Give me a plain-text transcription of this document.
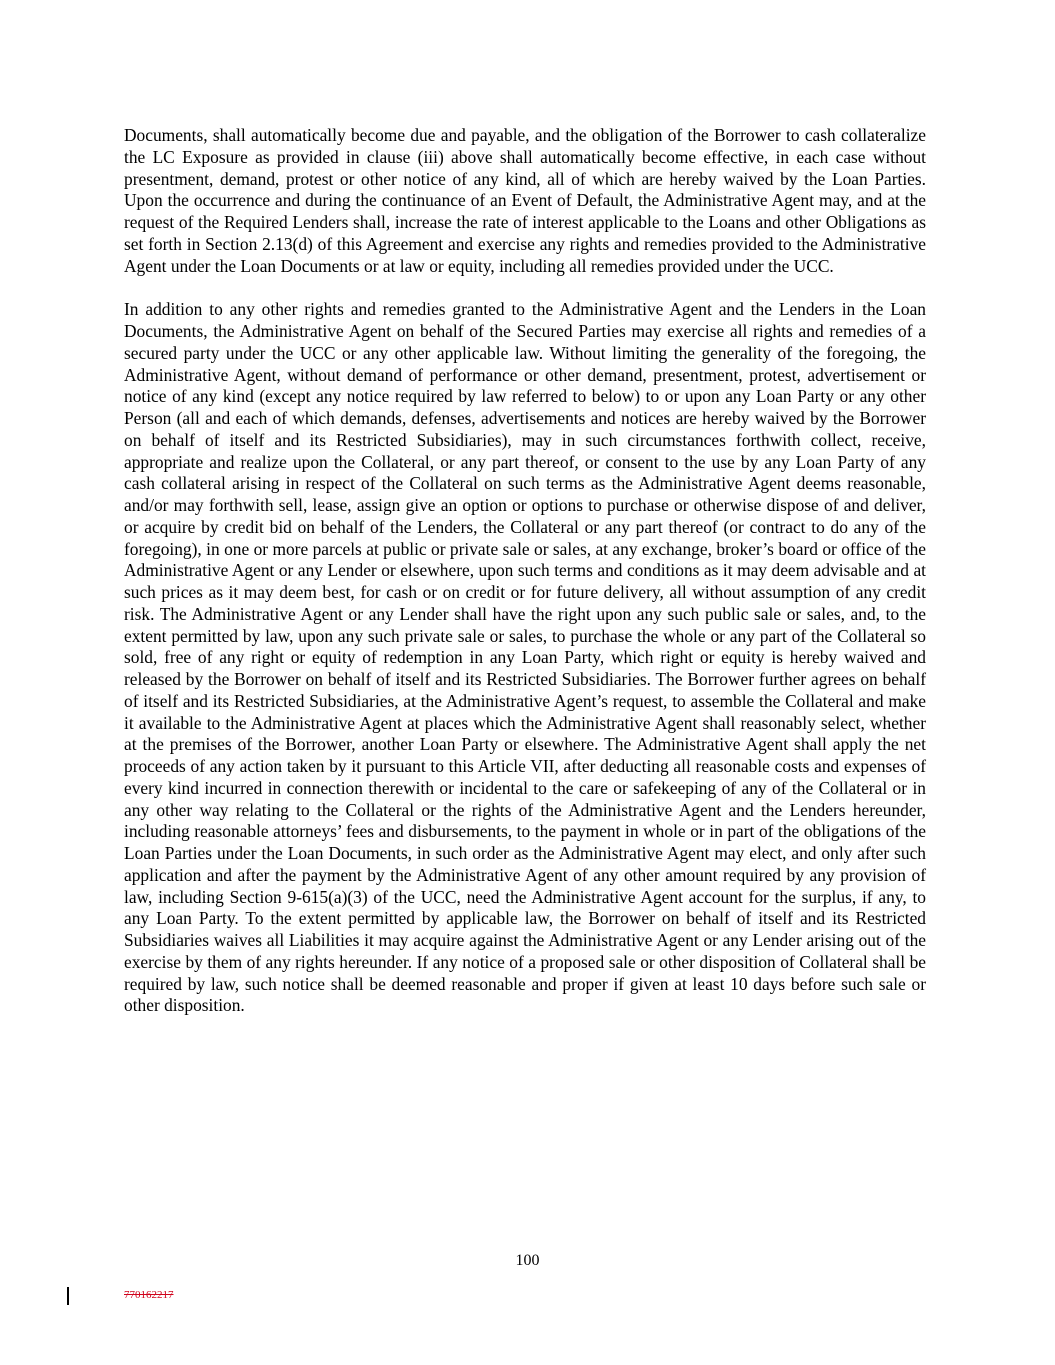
Documents, shall automatically become due and payable, and the obligation of the Borrower to cash collateralize the LC Exposure as provided in clause (iii) above shall automatically become effective, in each case without presentment, demand, protest or other notice of any kind, all of which are hereby waived by the Loan Parties. Upon the occurrence and during the continuance of an Event of Default, the Administrative Agent may, and at the request of the Required Lenders shall, increase the rate of interest applicable to the Loans and other Obligations as set forth in Section 2.13(d) of this Agreement and exercise any rights and remedies provided to the Administrative Agent under the Loan Documents or at law or equity, including all remedies provided under the UCC.

In addition to any other rights and remedies granted to the Administrative Agent and the Lenders in the Loan Documents, the Administrative Agent on behalf of the Secured Parties may exercise all rights and remedies of a secured party under the UCC or any other applicable law. Without limiting the generality of the foregoing, the Administrative Agent, without demand of performance or other demand, presentment, protest, advertisement or notice of any kind (except any notice required by law referred to below) to or upon any Loan Party or any other Person (all and each of which demands, defenses, advertisements and notices are hereby waived by the Borrower on behalf of itself and its Restricted Subsidiaries), may in such circumstances forthwith collect, receive, appropriate and realize upon the Collateral, or any part thereof, or consent to the use by any Loan Party of any cash collateral arising in respect of the Collateral on such terms as the Administrative Agent deems reasonable, and/or may forthwith sell, lease, assign give an option or options to purchase or otherwise dispose of and deliver, or acquire by credit bid on behalf of the Lenders, the Collateral or any part thereof (or contract to do any of the foregoing), in one or more parcels at public or private sale or sales, at any exchange, broker’s board or office of the Administrative Agent or any Lender or elsewhere, upon such terms and conditions as it may deem advisable and at such prices as it may deem best, for cash or on credit or for future delivery, all without assumption of any credit risk. The Administrative Agent or any Lender shall have the right upon any such public sale or sales, and, to the extent permitted by law, upon any such private sale or sales, to purchase the whole or any part of the Collateral so sold, free of any right or equity of redemption in any Loan Party, which right or equity is hereby waived and released by the Borrower on behalf of itself and its Restricted Subsidiaries. The Borrower further agrees on behalf of itself and its Restricted Subsidiaries, at the Administrative Agent’s request, to assemble the Collateral and make it available to the Administrative Agent at places which the Administrative Agent shall reasonably select, whether at the premises of the Borrower, another Loan Party or elsewhere. The Administrative Agent shall apply the net proceeds of any action taken by it pursuant to this Article VII, after deducting all reasonable costs and expenses of every kind incurred in connection therewith or incidental to the care or safekeeping of any of the Collateral or in any other way relating to the Collateral or the rights of the Administrative Agent and the Lenders hereunder, including reasonable attorneys’ fees and disbursements, to the payment in whole or in part of the obligations of the Loan Parties under the Loan Documents, in such order as the Administrative Agent may elect, and only after such application and after the payment by the Administrative Agent of any other amount required by any provision of law, including Section 9-615(a)(3) of the UCC, need the Administrative Agent account for the surplus, if any, to any Loan Party. To the extent permitted by applicable law, the Borrower on behalf of itself and its Restricted Subsidiaries waives all Liabilities it may acquire against the Administrative Agent or any Lender arising out of the exercise by them of any rights hereunder. If any notice of a proposed sale or other disposition of Collateral shall be required by law, such notice shall be deemed reasonable and proper if given at least 10 days before such sale or other disposition.

100
770162217
